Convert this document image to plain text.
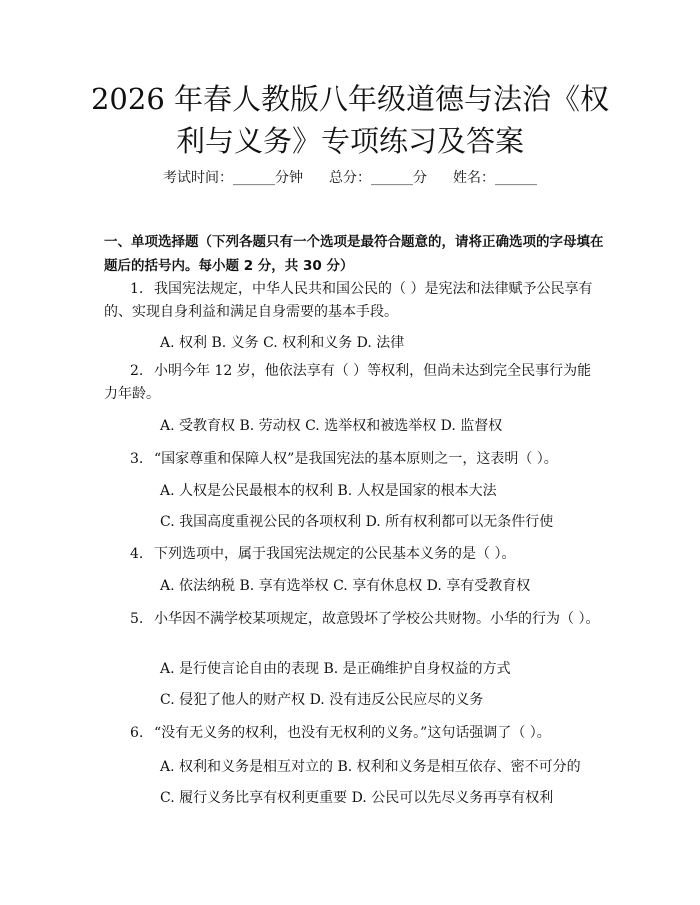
2026 年春人教版八年级道德与法治《权利与义务》专项练习及答案
考试时间：______分钟 总分：______分 姓名：______

一、单项选择题（下列各题只有一个选项是最符合题意的，请将正确选项的字母填在题后的括号内。每小题 2 分，共 30 分）

1. 我国宪法规定，中华人民共和国公民的（ ）是宪法和法律赋予公民享有的、实现自身利益和满足自身需要的基本手段。

A. 权利 B. 义务 C. 权利和义务 D. 法律

2. 小明今年 12 岁，他依法享有（ ）等权利，但尚未达到完全民事行为能力年龄。

A. 受教育权 B. 劳动权 C. 选举权和被选举权 D. 监督权

3. “国家尊重和保障人权”是我国宪法的基本原则之一，这表明（ ）。

A. 人权是公民最根本的权利 B. 人权是国家的根本大法

C. 我国高度重视公民的各项权利 D. 所有权利都可以无条件行使

4. 下列选项中，属于我国宪法规定的公民基本义务的是（ ）。

A. 依法纳税 B. 享有选举权 C. 享有休息权 D. 享有受教育权

5. 小华因不满学校某项规定，故意毁坏了学校公共财物。小华的行为（ ）。

A. 是行使言论自由的表现 B. 是正确维护自身权益的方式

C. 侵犯了他人的财产权 D. 没有违反公民应尽的义务

6. “没有无义务的权利，也没有无权利的义务。”这句话强调了（ ）。

A. 权利和义务是相互对立的 B. 权利和义务是相互依存、密不可分的

C. 履行义务比享有权利更重要 D. 公民可以先尽义务再享有权利
